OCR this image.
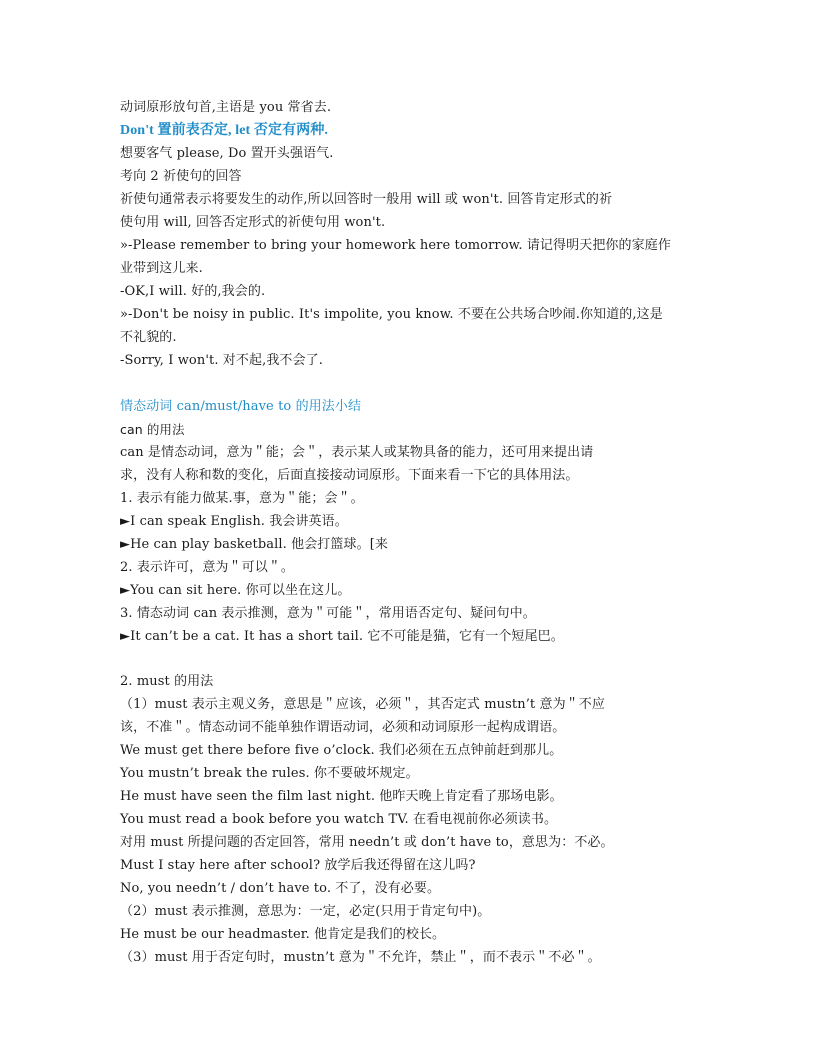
动词原形放句首,主语是 you 常省去.
Don't 置前表否定, let 否定有两种.
想要客气 please, Do 置开头强语气.
考向 2 祈使句的回答
祈使句通常表示将要发生的动作,所以回答时一般用 will 或 won't. 回答肯定形式的祈
使句用 will, 回答否定形式的祈使句用 won't.
»-Please remember to bring your homework here tomorrow. 请记得明天把你的家庭作
业带到这儿来.
-OK,I will. 好的,我会的.
»-Don't be noisy in public. It's impolite, you know. 不要在公共场合吵闹.你知道的,这是
不礼貌的.
-Sorry, I won't. 对不起,我不会了.
情态动词 can/must/have to 的用法小结
can 的用法
can 是情态动词，意为＂能；会＂，表示某人或某物具备的能力，还可用来提出请
求，没有人称和数的变化，后面直接接动词原形。下面来看一下它的具体用法。
1. 表示有能力做某.事，意为＂能；会＂。
►I can speak English. 我会讲英语。
►He can play basketball. 他会打篮球。[来
2. 表示许可，意为＂可以＂。
►You can sit here. 你可以坐在这儿。
3. 情态动词 can 表示推测，意为＂可能＂，常用语否定句、疑问句中。
►It can’t be a cat. It has a short tail. 它不可能是猫，它有一个短尾巴。
2. must 的用法
（1）must 表示主观义务，意思是＂应该，必须＂，其否定式 mustn’t 意为＂不应
该，不准＂。情态动词不能单独作谓语动词，必须和动词原形一起构成谓语。
We must get there before five o’clock. 我们必须在五点钟前赶到那儿。
You mustn’t break the rules. 你不要破坏规定。
He must have seen the film last night. 他昨天晚上肯定看了那场电影。
You must read a book before you watch TV. 在看电视前你必须读书。
对用 must 所提问题的否定回答，常用 needn’t 或 don’t have to，意思为：不必。
Must I stay here after school? 放学后我还得留在这儿吗?
No, you needn’t / don’t have to. 不了，没有必要。
（2）must 表示推测，意思为：一定，必定(只用于肯定句中)。
He must be our headmaster. 他肯定是我们的校长。
（3）must 用于否定句时，mustn’t 意为＂不允许，禁止＂，而不表示＂不必＂。
